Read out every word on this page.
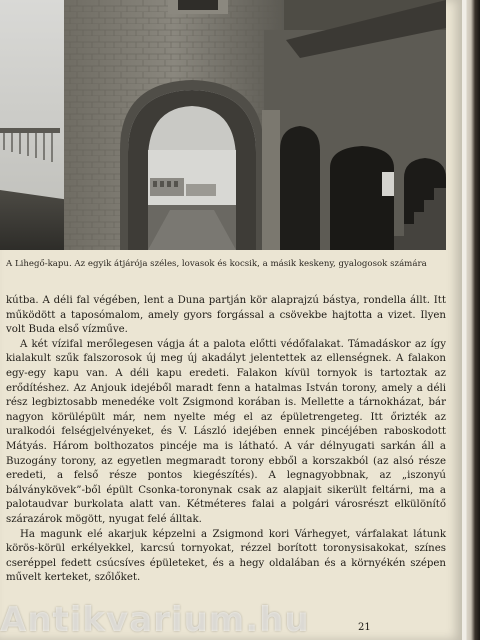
A Lihegő-kapu. Az egyik átjárója széles, lovasok és kocsik, a másik keskeny, gyalogosok számára

kútba. A déli fal végében, lent a Duna partján kör alaprajzú bástya, rondella állt. Itt működött a taposómalom, amely gyors forgással a csövekbe hajtotta a vizet. Ilyen volt Buda első vízműve.

A két vízifal merőlegesen vágja át a palota előtti védőfalakat. Támadáskor az így kialakult szűk falszorosok új meg új akadályt jelentettek az ellenségnek. A falakon egy-egy kapu van. A déli kapu eredeti. Falakon kívül tornyok is tartoztak az erődítéshez. Az Anjouk idejéből maradt fenn a hatalmas István torony, amely a déli rész legbiztosabb menedéke volt Zsigmond korában is. Mellette a tárnokházat, bár nagyon körülépült már, nem nyelte még el az épületrengeteg. Itt őrizték az uralkodói felségjelvényeket, és V. László idejében ennek pincéjében raboskodott Mátyás. Három bolthozatos pincéje ma is látható. A vár délnyugati sarkán áll a Buzogány torony, az egyetlen megmaradt torony ebből a korszakból (az alsó része eredeti, a felső része pontos kiegészítés). A legnagyobbnak, az „iszonyú bálványkövek”-ből épült Csonka-toronynak csak az alapjait sikerült feltárni, ma a palotaudvar burkolata alatt van. Kétméteres falai a polgári városrészt elkülönítő szárazárok mögött, nyugat felé álltak.

Ha magunk elé akarjuk képzelni a Zsigmond kori Várhegyet, várfalakat látunk körös-körül erkélyekkel, karcsú tornyokat, rézzel borított toronysisakokat, színes cseréppel fedett csúcsíves épületeket, és a hegy oldalában és a környékén szépen művelt kerteket, szőlőket.

21
Antikvarium.hu
